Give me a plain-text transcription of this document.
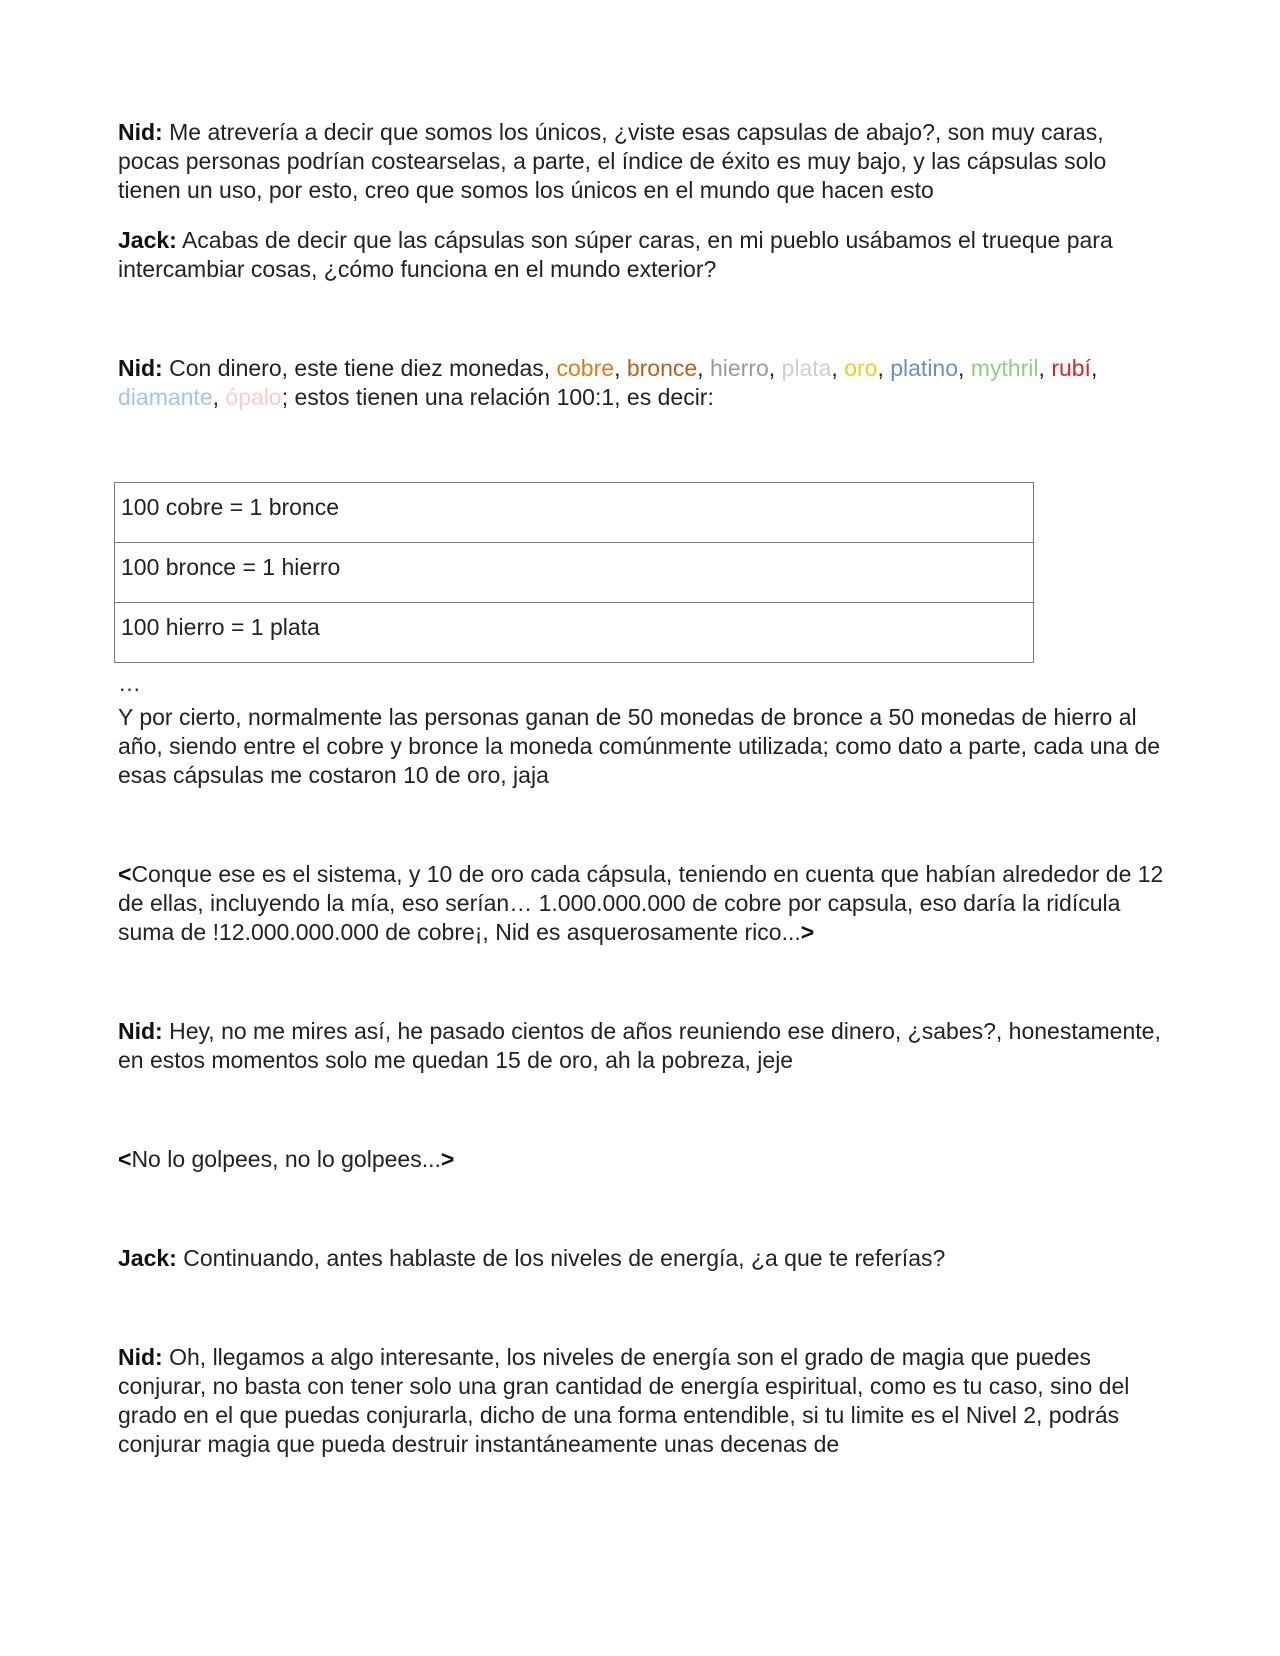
Nid: Me atrevería a decir que somos los únicos, ¿viste esas capsulas de abajo?, son muy caras, pocas personas podrían costearselas, a parte, el índice de éxito es muy bajo, y las cápsulas solo tienen un uso, por esto, creo que somos los únicos en el mundo que hacen esto

Jack: Acabas de decir que las cápsulas son súper caras, en mi pueblo usábamos el trueque para intercambiar cosas, ¿cómo funciona en el mundo exterior?

Nid: Con dinero, este tiene diez monedas, cobre, bronce, hierro, plata, oro, platino, mythril, rubí, diamante, ópalo; estos tienen una relación 100:1, es decir:

100 cobre = 1 bronce
100 bronce = 1 hierro
100 hierro = 1 plata
…

Y por cierto, normalmente las personas ganan de 50 monedas de bronce a 50 monedas de hierro al año, siendo entre el cobre y bronce la moneda comúnmente utilizada; como dato a parte, cada una de esas cápsulas me costaron 10 de oro, jaja

<Conque ese es el sistema, y 10 de oro cada cápsula, teniendo en cuenta que habían alrededor de 12 de ellas, incluyendo la mía, eso serían… 1.000.000.000 de cobre por capsula, eso daría la ridícula suma de !12.000.000.000 de cobre¡, Nid es asquerosamente rico...>

Nid: Hey, no me mires así, he pasado cientos de años reuniendo ese dinero, ¿sabes?, honestamente, en estos momentos solo me quedan 15 de oro, ah la pobreza, jeje

<No lo golpees, no lo golpees...>

Jack: Continuando, antes hablaste de los niveles de energía, ¿a que te referías?

Nid: Oh, llegamos a algo interesante, los niveles de energía son el grado de magia que puedes conjurar, no basta con tener solo una gran cantidad de energía espiritual, como es tu caso, sino del grado en el que puedas conjurarla, dicho de una forma entendible, si tu limite es el Nivel 2, podrás conjurar magia que pueda destruir instantáneamente unas decenas de
